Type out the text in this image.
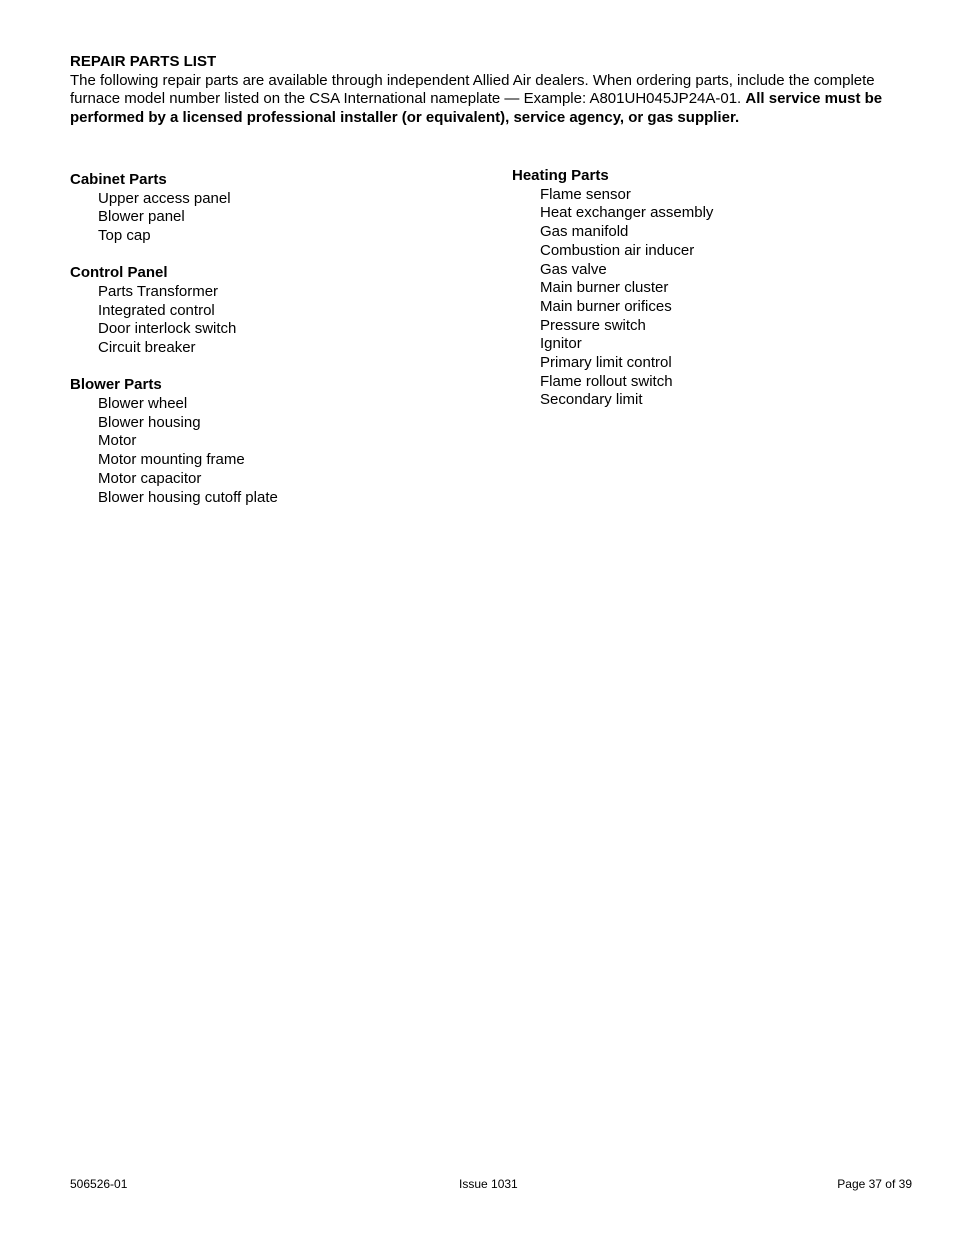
REPAIR PARTS LIST
The following repair parts are available through independent Allied Air dealers. When ordering parts, include the complete furnace model number listed on the CSA International nameplate — Example: A801UH045JP24A-01. All service must be performed by a licensed professional installer (or equivalent), service agency, or gas supplier.
Cabinet Parts
Upper access panel
Blower panel
Top cap
Control Panel
Parts Transformer
Integrated control
Door interlock switch
Circuit breaker
Blower Parts
Blower wheel
Blower housing
Motor
Motor mounting frame
Motor capacitor
Blower housing cutoff plate
Heating Parts
Flame sensor
Heat exchanger assembly
Gas manifold
Combustion air inducer
Gas valve
Main burner cluster
Main burner orifices
Pressure switch
Ignitor
Primary limit control
Flame rollout switch
Secondary limit
506526-01	Issue 1031	Page 37 of 39
